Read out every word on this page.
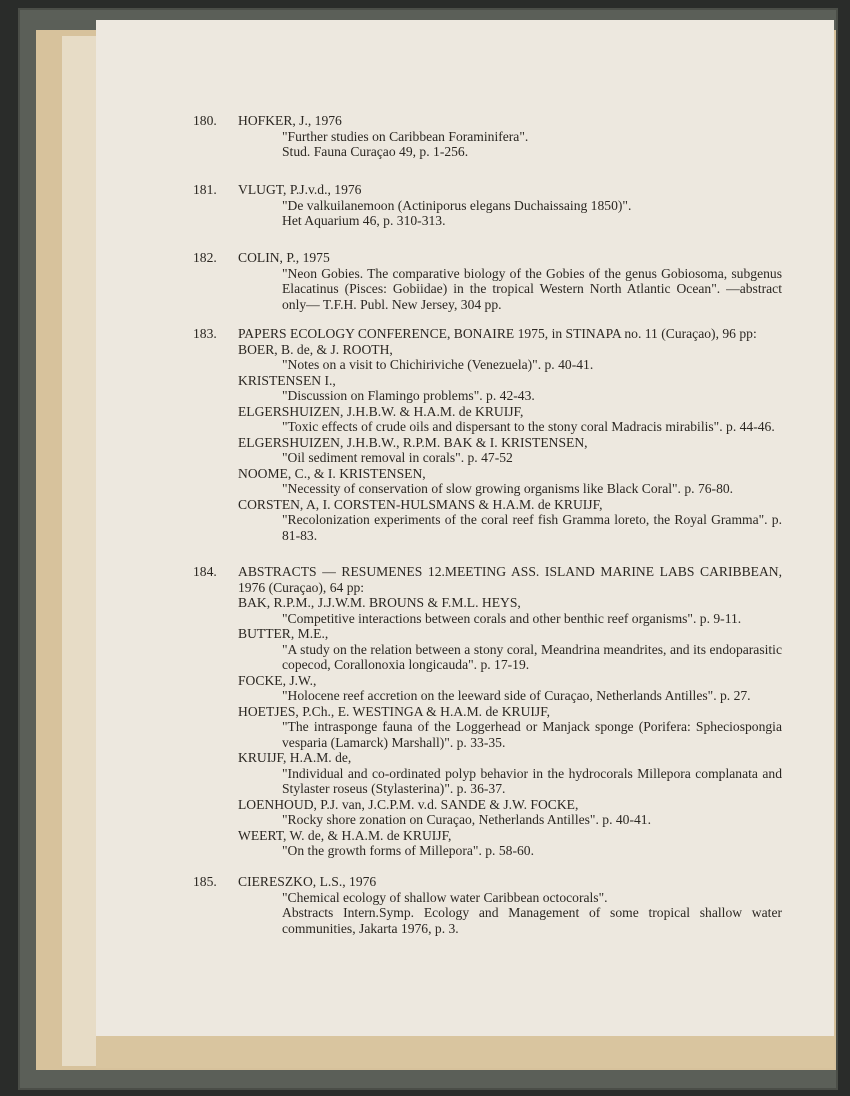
180. HOFKER, J., 1976
"Further studies on Caribbean Foraminifera".
Stud. Fauna Curaçao 49, p. 1-256.
181. VLUGT, P.J.v.d., 1976
"De valkuilanemoon (Actiniporus elegans Duchaissaing 1850)".
Het Aquarium 46, p. 310-313.
182. COLIN, P., 1975
"Neon Gobies. The comparative biology of the Gobies of the genus Gobiosoma, subgenus Elacatinus (Pisces: Gobiidae) in the tropical Western North Atlantic Ocean". —abstract only— T.F.H. Publ. New Jersey, 304 pp.
183. PAPERS ECOLOGY CONFERENCE, BONAIRE 1975, in STINAPA no. 11 (Curaçao), 96 pp:
BOER, B. de, & J. ROOTH,
"Notes on a visit to Chichiriviche (Venezuela)". p. 40-41.
KRISTENSEN I.,
"Discussion on Flamingo problems". p. 42-43.
ELGERSHUIZEN, J.H.B.W. & H.A.M. de KRUIJF,
"Toxic effects of crude oils and dispersant to the stony coral Madracis mirabilis". p. 44-46.
ELGERSHUIZEN, J.H.B.W., R.P.M. BAK & I. KRISTENSEN,
"Oil sediment removal in corals". p. 47-52
NOOME, C., & I. KRISTENSEN,
"Necessity of conservation of slow growing organisms like Black Coral". p. 76-80.
CORSTEN, A, I. CORSTEN-HULSMANS & H.A.M. de KRUIJF,
"Recolonization experiments of the coral reef fish Gramma loreto, the Royal Gramma". p. 81-83.
184. ABSTRACTS — RESUMENES 12.MEETING ASS. ISLAND MARINE LABS CARIBBEAN, 1976 (Curaçao), 64 pp:
BAK, R.P.M., J.J.W.M. BROUNS & F.M.L. HEYS,
"Competitive interactions between corals and other benthic reef organisms". p. 9-11.
BUTTER, M.E.,
"A study on the relation between a stony coral, Meandrina meandrites, and its endoparasitic copecod, Corallonoxia longicauda". p. 17-19.
FOCKE, J.W.,
"Holocene reef accretion on the leeward side of Curaçao, Netherlands Antilles". p. 27.
HOETJES, P.Ch., E. WESTINGA & H.A.M. de KRUIJF,
"The intrasponge fauna of the Loggerhead or Manjack sponge (Porifera: Spheciospongia vesparia (Lamarck) Marshall)". p. 33-35.
KRUIJF, H.A.M. de,
"Individual and co-ordinated polyp behavior in the hydrocorals Millepora complanata and Stylaster roseus (Stylasterina)". p. 36-37.
LOENHOUD, P.J. van, J.C.P.M. v.d. SANDE & J.W. FOCKE,
"Rocky shore zonation on Curaçao, Netherlands Antilles". p. 40-41.
WEERT, W. de, & H.A.M. de KRUIJF,
"On the growth forms of Millepora". p. 58-60.
185. CIERESZKO, L.S., 1976
"Chemical ecology of shallow water Caribbean octocorals".
Abstracts Intern.Symp. Ecology and Management of some tropical shallow water communities, Jakarta 1976, p. 3.
